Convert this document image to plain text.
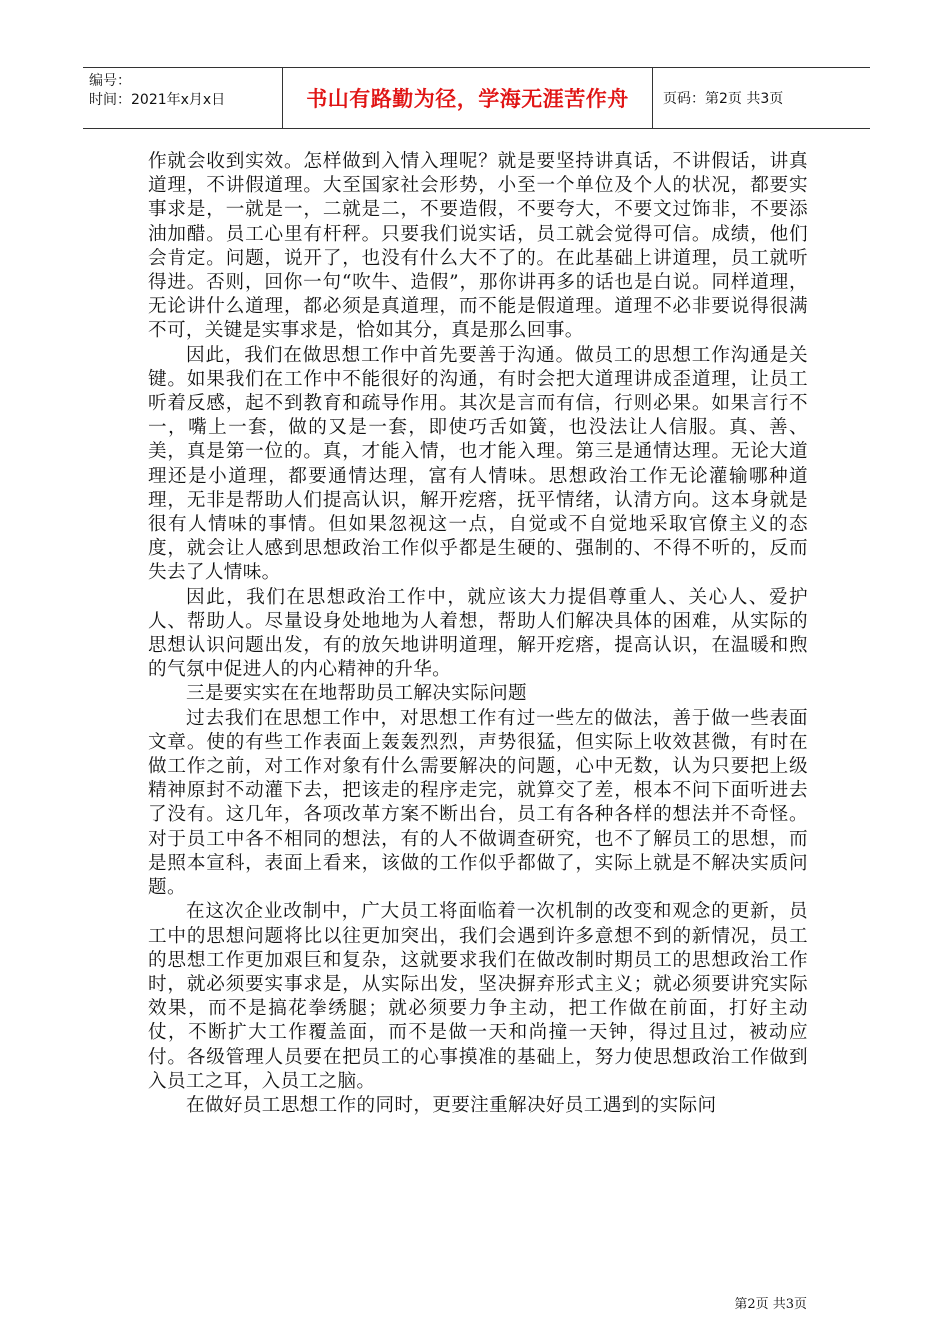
编号：
时间：2021年x月x日	书山有路勤为径，学海无涯苦作舟 页码：第2页 共3页

作就会收到实效。怎样做到入情入理呢？就是要坚持讲真话，不讲假话，讲真道理，不讲假道理。大至国家社会形势，小至一个单位及个人的状况，都要实事求是，一就是一，二就是二，不要造假，不要夸大，不要文过饰非，不要添油加醋。员工心里有杆秤。只要我们说实话，员工就会觉得可信。成绩，他们会肯定。问题，说开了，也没有什么大不了的。在此基础上讲道理，员工就听得进。否则，回你一句“吹牛、造假”，那你讲再多的话也是白说。同样道理，无论讲什么道理，都必须是真道理，而不能是假道理。道理不必非要说得很满不可，关键是实事求是，恰如其分，真是那么回事。

因此，我们在做思想工作中首先要善于沟通。做员工的思想工作沟通是关键。如果我们在工作中不能很好的沟通，有时会把大道理讲成歪道理，让员工听着反感，起不到教育和疏导作用。其次是言而有信，行则必果。如果言行不一，嘴上一套，做的又是一套，即使巧舌如簧，也没法让人信服。真、善、美，真是第一位的。真，才能入情，也才能入理。第三是通情达理。无论大道理还是小道理，都要通情达理，富有人情味。思想政治工作无论灌输哪种道理，无非是帮助人们提高认识，解开疙瘩，抚平情绪，认清方向。这本身就是很有人情味的事情。但如果忽视这一点，自觉或不自觉地采取官僚主义的态度，就会让人感到思想政治工作似乎都是生硬的、强制的、不得不听的，反而失去了人情味。

因此，我们在思想政治工作中，就应该大力提倡尊重人、关心人、爱护人、帮助人。尽量设身处地地为人着想，帮助人们解决具体的困难，从实际的思想认识问题出发，有的放矢地讲明道理，解开疙瘩，提高认识，在温暖和煦的气氛中促进人的内心精神的升华。

三是要实实在在地帮助员工解决实际问题

过去我们在思想工作中，对思想工作有过一些左的做法，善于做一些表面文章。使的有些工作表面上轰轰烈烈，声势很猛，但实际上收效甚微，有时在做工作之前，对工作对象有什么需要解决的问题，心中无数，认为只要把上级精神原封不动灌下去，把该走的程序走完，就算交了差，根本不问下面听进去了没有。这几年，各项改革方案不断出台，员工有各种各样的想法并不奇怪。对于员工中各不相同的想法，有的人不做调查研究，也不了解员工的思想，而是照本宣科，表面上看来，该做的工作似乎都做了，实际上就是不解决实质问题。

在这次企业改制中，广大员工将面临着一次机制的改变和观念的更新，员工中的思想问题将比以往更加突出，我们会遇到许多意想不到的新情况，员工的思想工作更加艰巨和复杂，这就要求我们在做改制时期员工的思想政治工作时，就必须要实事求是，从实际出发，坚决摒弃形式主义；就必须要讲究实际效果，而不是搞花拳绣腿；就必须要力争主动，把工作做在前面，打好主动仗，不断扩大工作覆盖面，而不是做一天和尚撞一天钟，得过且过，被动应付。各级管理人员要在把员工的心事摸准的基础上，努力使思想政治工作做到入员工之耳，入员工之脑。

在做好员工思想工作的同时，更要注重解决好员工遇到的实际问

第2页 共3页
